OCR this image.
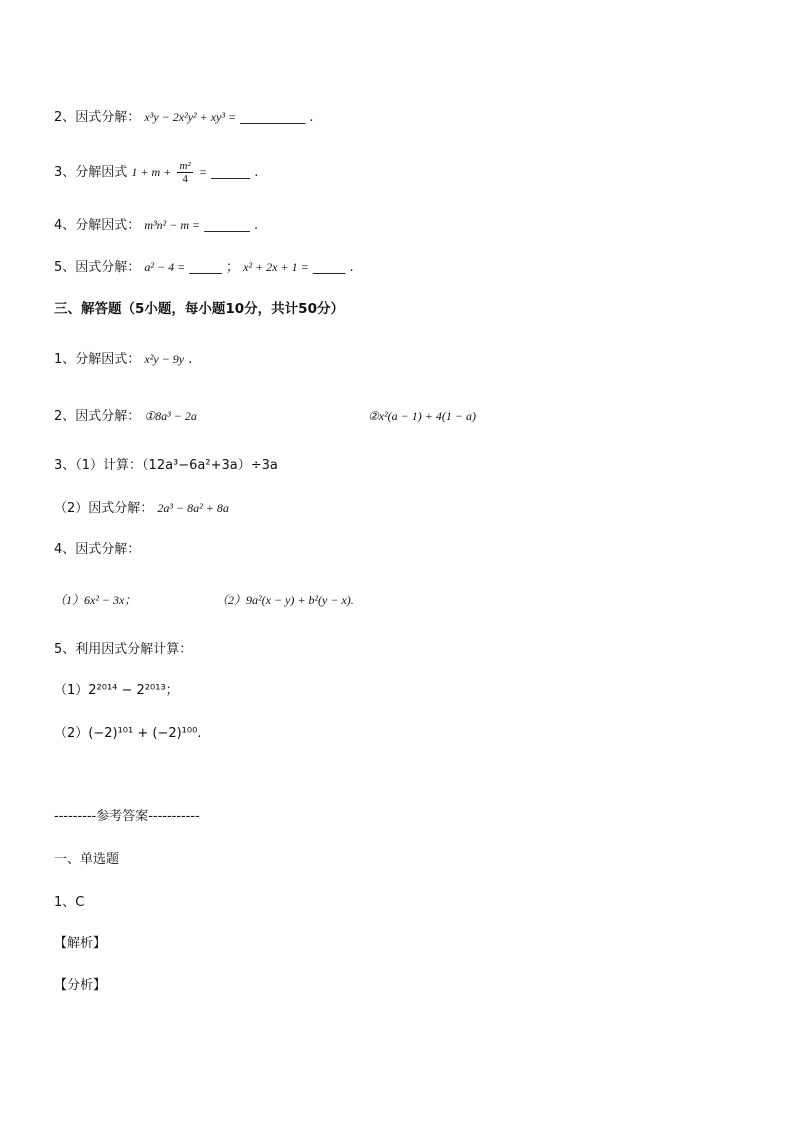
2、因式分解： x³y − 2x²y² + xy³ = __________ .
3、分解因式 $1 + m + \frac{\text{m²}}{4}$ = ______ .
4、分解因式： m³n² − m = _______ .
5、因式分解： a² − 4 = _____ ； x² + 2x + 1 = _____ .
三、解答题（5小题，每小题10分，共计50分）
1、分解因式： x²y − 9y .
2、因式分解： ①8a³ − 2a	②x²(a − 1) + 4(1 − a)
3、（1）计算：（12a³−6a²+3a）÷3a
（2）因式分解： 2a³ − 8a² + 8a
4、因式分解：
（1）6x² − 3x；	（2）9a²(x − y) + b²(y − x).
5、利用因式分解计算：
（1）2²⁰¹⁴ − 2²⁰¹³；
（2）(−2)¹⁰¹ + (−2)¹⁰⁰.
---------参考答案-----------
一、单选题
1、C
【解析】
【分析】
